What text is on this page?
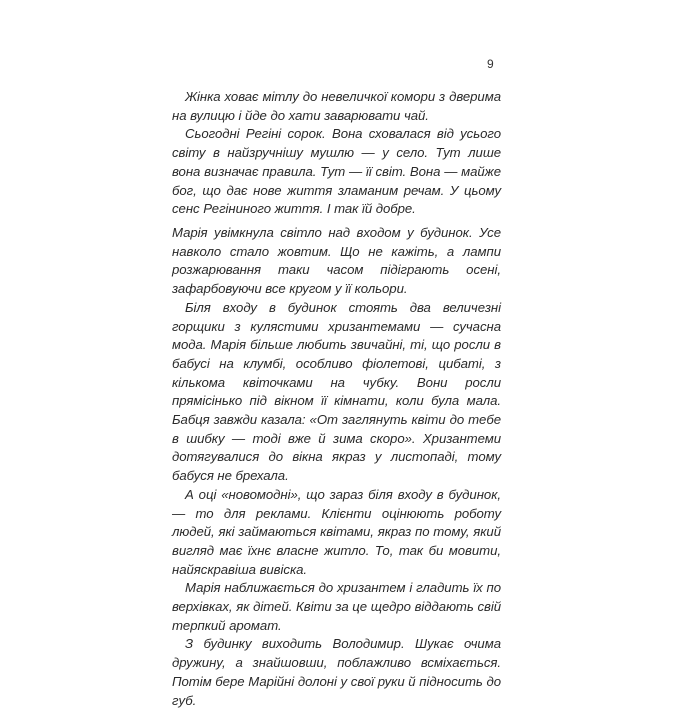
9

Жінка ховає мітлу до невеличкої комори з дверима на вулицю і йде до хати заварювати чай.

Сьогодні Регіні сорок. Вона сховалася від усього світу в найзручнішу мушлю — у село. Тут лише вона визначає правила. Тут — її світ. Вона — майже бог, що дає нове життя зламаним речам. У цьому сенс Регіниного життя. І так їй добре.

Марія увімкнула світло над входом у будинок. Усе навколо стало жовтим. Що не кажіть, а лампи розжарювання таки часом підіграють осені, зафарбовуючи все кругом у її кольори.

Біля входу в будинок стоять два величезні горщики з кулястими хризантемами — сучасна мода. Марія більше любить звичайні, ті, що росли в бабусі на клумбі, особливо фіолетові, цибаті, з кількома квіточками на чубку. Вони росли прямісінько під вікном її кімнати, коли була мала. Бабця завжди казала: «От заглянуть квіти до тебе в шибку — тоді вже й зима скоро». Хризантеми дотягувалися до вікна якраз у листопаді, тому бабуся не брехала.

А оці «новомодні», що зараз біля входу в будинок, — то для реклами. Клієнти оцінюють роботу людей, які займаються квітами, якраз по тому, який вигляд має їхнє власне житло. То, так би мовити, найяскравіша вивіска.

Марія наближається до хризантем і гладить їх по верхівках, як дітей. Квіти за це щедро віддають свій терпкий аромат.

З будинку виходить Володимир. Шукає очима дружину, а знайшовши, поблажливо всміхається. Потім бере Марійні долоні у свої руки й підносить до губ.
